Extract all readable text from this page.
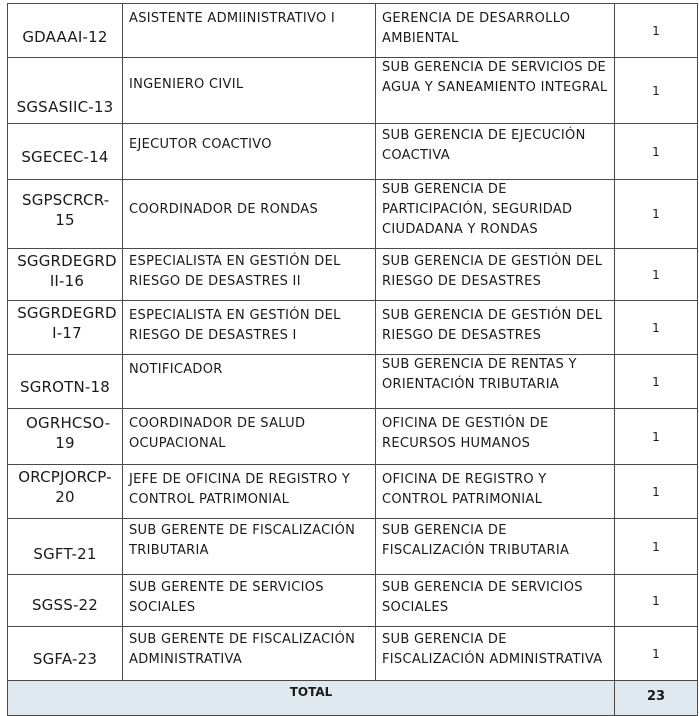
GDAAAI-12	ASISTENTE ADMIINISTRATIVO I	GERENCIA DE DESARROLLO AMBIENTAL	1

SGSASIIC-13	INGENIERO CIVIL	SUB GERENCIA DE SERVICIOS DE AGUA Y SANEAMIENTO INTEGRAL	1

SGECEC-14	EJECUTOR COACTIVO	SUB GERENCIA DE EJECUCIÓN COACTIVA	1

SGPSCRCR-15	COORDINADOR DE RONDAS	SUB GERENCIA DE PARTICIPACIÓN, SEGURIDAD CIUDADANA Y RONDAS	1

SGGRDEGRDII-16	ESPECIALISTA EN GESTIÓN DEL RIESGO DE DESASTRES II	SUB GERENCIA DE GESTIÓN DEL RIESGO DE DESASTRES	1

SGGRDEGRDI-17	ESPECIALISTA EN GESTIÓN DEL RIESGO DE DESASTRES I	SUB GERENCIA DE GESTIÓN DEL RIESGO DE DESASTRES	1

SGROTN-18	NOTIFICADOR	SUB GERENCIA DE RENTAS Y ORIENTACIÓN TRIBUTARIA	1

OGRHCSO-19	COORDINADOR DE SALUD OCUPACIONAL	OFICINA DE GESTIÓN DE RECURSOS HUMANOS	1

ORCPJORCP-20	JEFE DE OFICINA DE REGISTRO Y CONTROL PATRIMONIAL	OFICINA DE REGISTRO Y CONTROL PATRIMONIAL	1

SGFT-21	SUB GERENTE DE FISCALIZACIÓN TRIBUTARIA	SUB GERENCIA DE FISCALIZACIÓN TRIBUTARIA	1

SGSS-22	SUB GERENTE DE SERVICIOS SOCIALES	SUB GERENCIA DE SERVICIOS SOCIALES	1

SGFA-23	SUB GERENTE DE FISCALIZACIÓN ADMINISTRATIVA	SUB GERENCIA DE FISCALIZACIÓN ADMINISTRATIVA	1
TOTAL			23
